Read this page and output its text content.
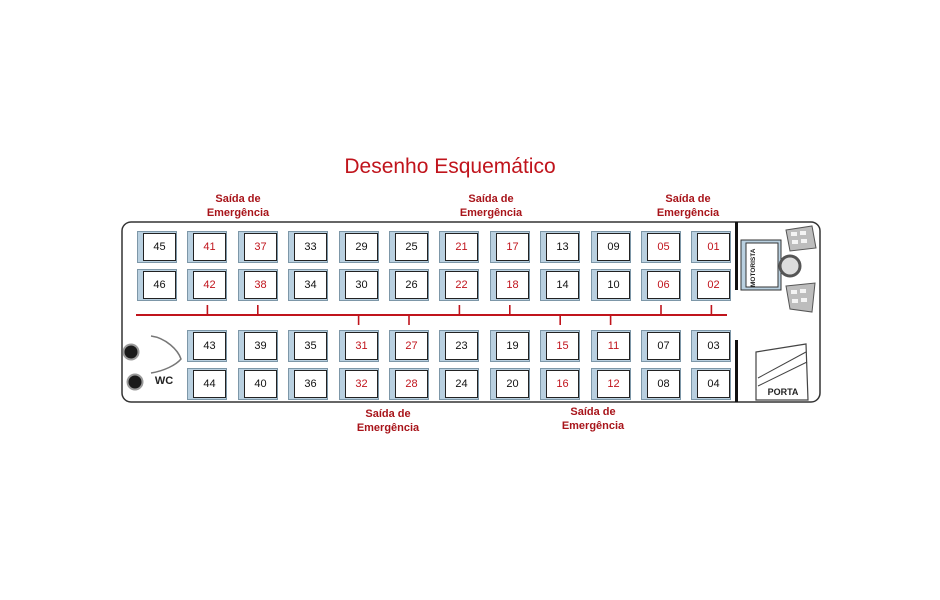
Desenho Esquemático
Saída de
Emergência
Saída de
Emergência
Saída de
Emergência
Saída de
Emergência
Saída de
Emergência
MOTORISTA
45	41	37	33	29	25	21	17	13	09	05	01
46	42	38	34	30	26	22	18	14	10	06	02
43	39	35	31	27	23	19	15	11	07	03
44	40	36	32	28	24	20	16	12	08	04
WC
PORTA
